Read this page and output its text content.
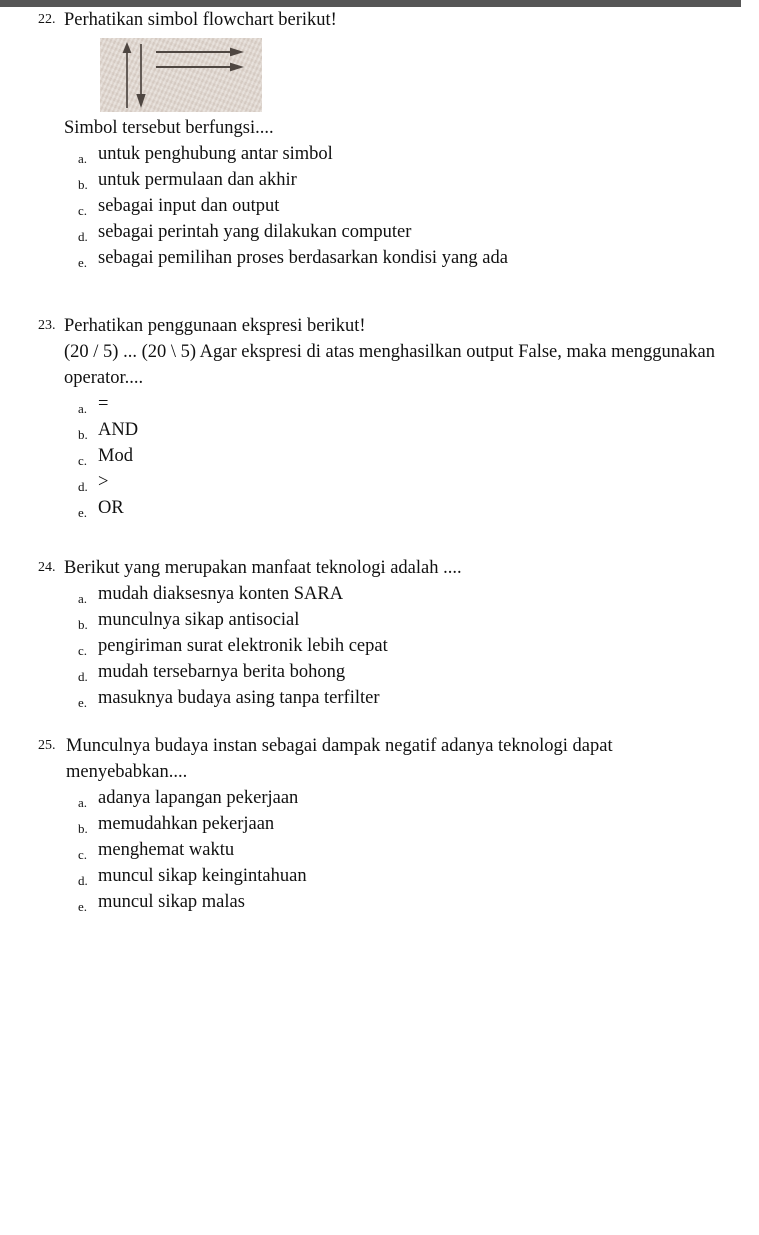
22. Perhatikan simbol flowchart berikut!
Simbol tersebut berfungsi....
a. untuk penghubung antar simbol
b. untuk permulaan dan akhir
c. sebagai input dan output
d. sebagai perintah yang dilakukan computer
e. sebagai pemilihan proses berdasarkan kondisi yang ada
23. Perhatikan penggunaan ekspresi berikut!
(20 / 5) ... (20 \ 5) Agar ekspresi di atas menghasilkan output False, maka menggunakan operator....
a. =
b. AND
c. Mod
d. >
e. OR
24. Berikut yang merupakan manfaat teknologi adalah ....
a. mudah diaksesnya konten SARA
b. munculnya sikap antisocial
c. pengiriman surat elektronik lebih cepat
d. mudah tersebarnya berita bohong
e. masuknya budaya asing tanpa terfilter
25. Munculnya budaya instan sebagai dampak negatif adanya teknologi dapat menyebabkan....
a. adanya lapangan pekerjaan
b. memudahkan pekerjaan
c. menghemat waktu
d. muncul sikap keingintahuan
e. muncul sikap malas
